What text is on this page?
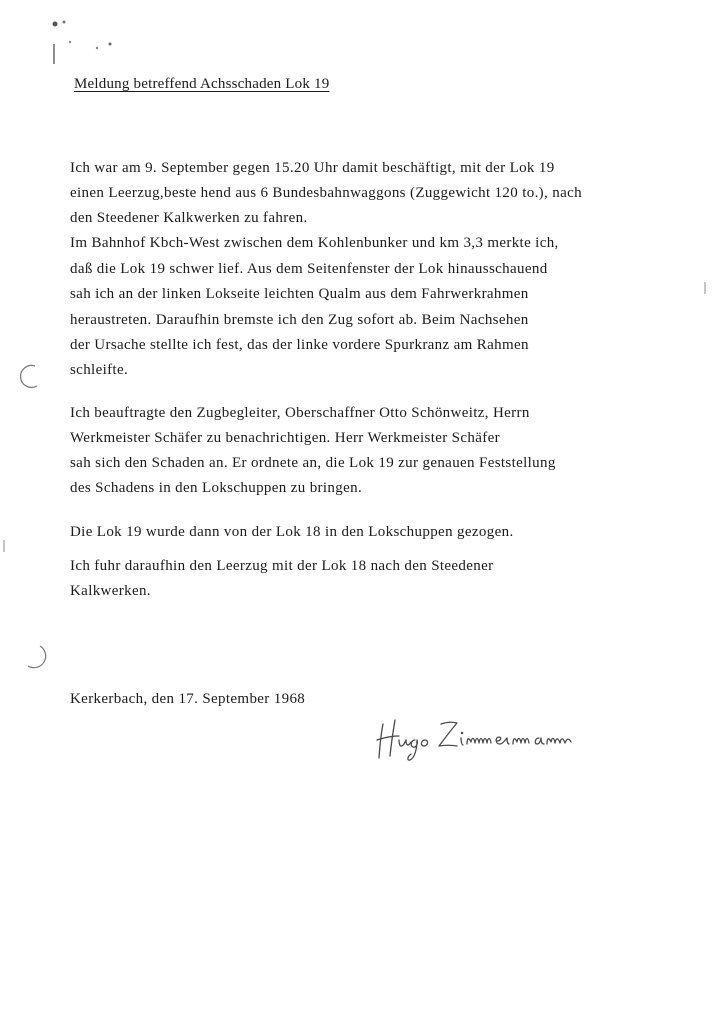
Meldung betreffend Achsschaden Lok 19
Ich war am 9. September gegen 15.20 Uhr damit beschäftigt, mit der Lok 19
einen Leerzug,beste hend aus 6 Bundesbahnwaggons (Zuggewicht 120 to.), nach
den Steedener Kalkwerken zu fahren.
Im Bahnhof Kbch-West zwischen dem Kohlenbunker und km 3,3 merkte ich,
daß die Lok 19 schwer lief. Aus dem Seitenfenster der Lok hinausschauend
sah ich an der linken Lokseite leichten Qualm aus dem Fahrwerkrahmen
heraustreten. Daraufhin bremste ich den Zug sofort ab. Beim Nachsehen
der Ursache stellte ich fest, das der linke vordere Spurkranz am Rahmen
schleifte.
Ich beauftragte den Zugbegleiter, Oberschaffner Otto Schönweitz, Herrn
Werkmeister Schäfer zu benachrichtigen. Herr Werkmeister Schäfer
sah sich den Schaden an. Er ordnete an, die Lok 19 zur genauen Feststellung
des Schadens in den Lokschuppen zu bringen.
Die Lok 19 wurde dann von der Lok 18 in den Lokschuppen gezogen.
Ich fuhr daraufhin den Leerzug mit der Lok 18 nach den Steedener
Kalkwerken.
Kerkerbach, den 17. September 1968
